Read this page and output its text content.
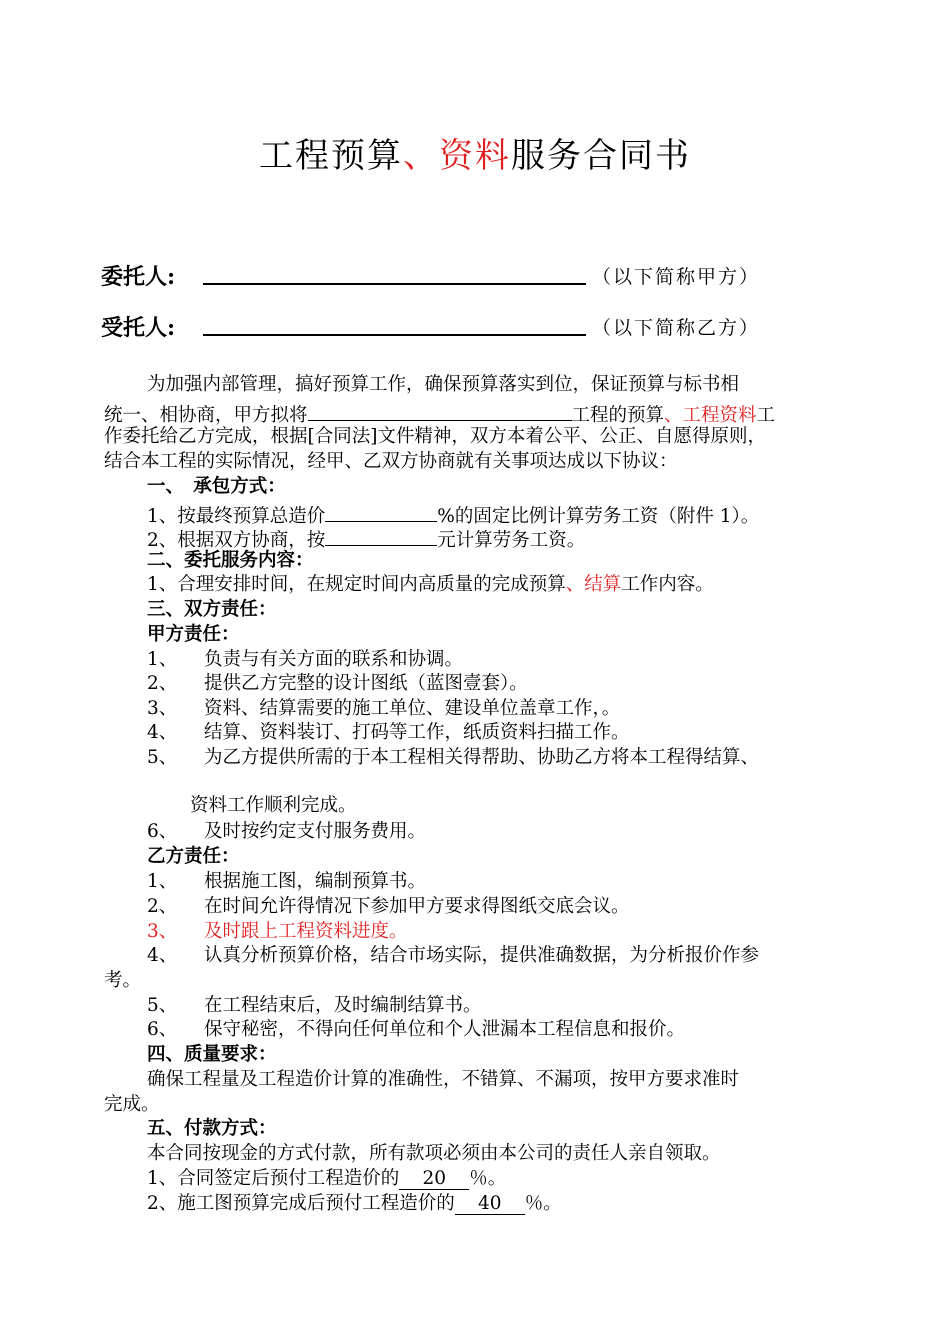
工程预算、资料服务合同书
委托人:	（以下简称甲方）
受托人:	（以下简称乙方）
为加强内部管理，搞好预算工作，确保预算落实到位，保证预算与标书相
统一、相协商，甲方拟将	工程的预算、工程资料工
作委托给乙方完成，根据[合同法]文件精神，双方本着公平、公正、自愿得原则，
结合本工程的实际情况，经甲、乙双方协商就有关事项达成以下协议：
一、　承包方式：
1、按最终预算总造价	%的固定比例计算劳务工资（附件 1）。
2、根据双方协商，按	元计算劳务工资。
二、委托服务内容：
1、合理安排时间，在规定时间内高质量的完成预算、结算工作内容。
三、双方责任：
甲方责任：
1、 负责与有关方面的联系和协调。
2、 提供乙方完整的设计图纸（蓝图壹套）。
3、 资料、结算需要的施工单位、建设单位盖章工作，。
4、 结算、资料装订、打码等工作，纸质资料扫描工作。
5、 为乙方提供所需的于本工程相关得帮助、协助乙方将本工程得结算、
资料工作顺利完成。
6、 及时按约定支付服务费用。
乙方责任：
1、 根据施工图，编制预算书。
2、 在时间允许得情况下参加甲方要求得图纸交底会议。
3、 及时跟上工程资料进度。
4、 认真分析预算价格，结合市场实际，提供准确数据，为分析报价作参
考。
5、 在工程结束后，及时编制结算书。
6、 保守秘密，不得向任何单位和个人泄漏本工程信息和报价。
四、质量要求：
确保工程量及工程造价计算的准确性，不错算、不漏项，按甲方要求准时
完成。
五、付款方式：
本合同按现金的方式付款，所有款项必须由本公司的责任人亲自领取。
1、合同签定后预付工程造价的 20 ％。
2、施工图预算完成后预付工程造价的 40 ％。
